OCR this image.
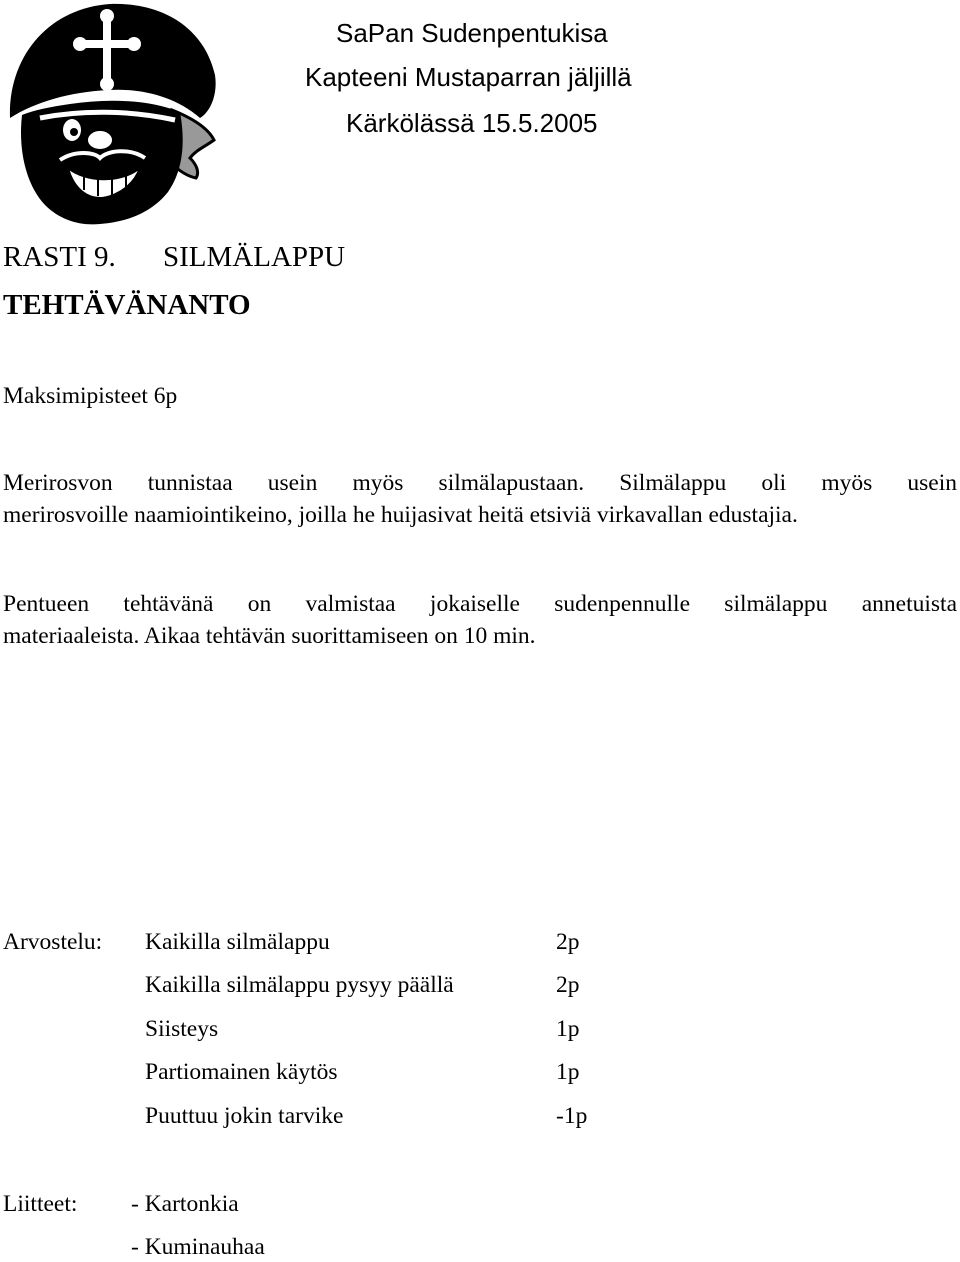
SaPan Sudenpentukisa

Kapteeni Mustaparran jäljillä

Kärkölässä 15.5.2005

RASTI 9. SILMÄLAPPU

TEHTÄVÄNANTO

Maksimipisteet 6p

Merirosvon tunnistaa usein myös silmälapustaan. Silmälappu oli myös usein

merirosvoille naamiointikeino, joilla he huijasivat heitä etsiviä virkavallan edustajia.

Pentueen tehtävänä on valmistaa jokaiselle sudenpennulle silmälappu annetuista

materiaaleista. Aikaa tehtävän suorittamiseen on 10 min.

Arvostelu: Kaikilla silmälappu	2p

Kaikilla silmälappu pysyy päällä	2p

Siisteys	1p

Partiomainen käytös	1p

Puuttuu jokin tarvike	-1p

Liitteet: - Kartonkia

- Kuminauhaa
